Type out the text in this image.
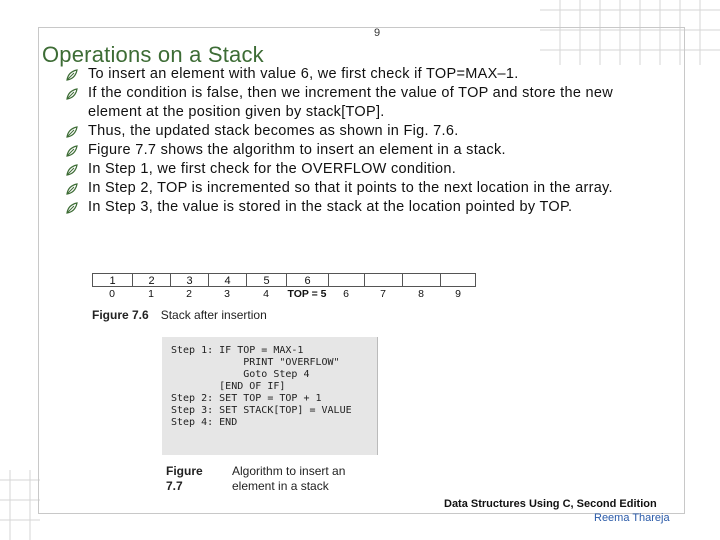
9
Operations on a Stack
To insert an element with value 6, we first check if TOP=MAX–1.
If the condition is false, then we increment the value of TOP and store the new element at the position given by stack[TOP].
Thus, the updated stack becomes as shown in Fig. 7.6.
Figure 7.7 shows the algorithm to insert an element in a stack.
In Step 1, we first check for the OVERFLOW condition.
In Step 2, TOP is incremented so that it points to the next location in the array.
In Step 3, the value is stored in the stack at the location pointed by TOP.
1	2	3	4	5	6
0	1	2	3	4	TOP = 5	6	7	8	9
Figure 7.6 Stack after insertion
Step 1: IF TOP = MAX-1
PRINT "OVERFLOW"
Goto Step 4
[END OF IF]
Step 2: SET TOP = TOP + 1
Step 3: SET STACK[TOP] = VALUE
Step 4: END
Figure 7.7
Algorithm to insert an element in a stack
Data Structures Using C, Second Edition
Reema Thareja
